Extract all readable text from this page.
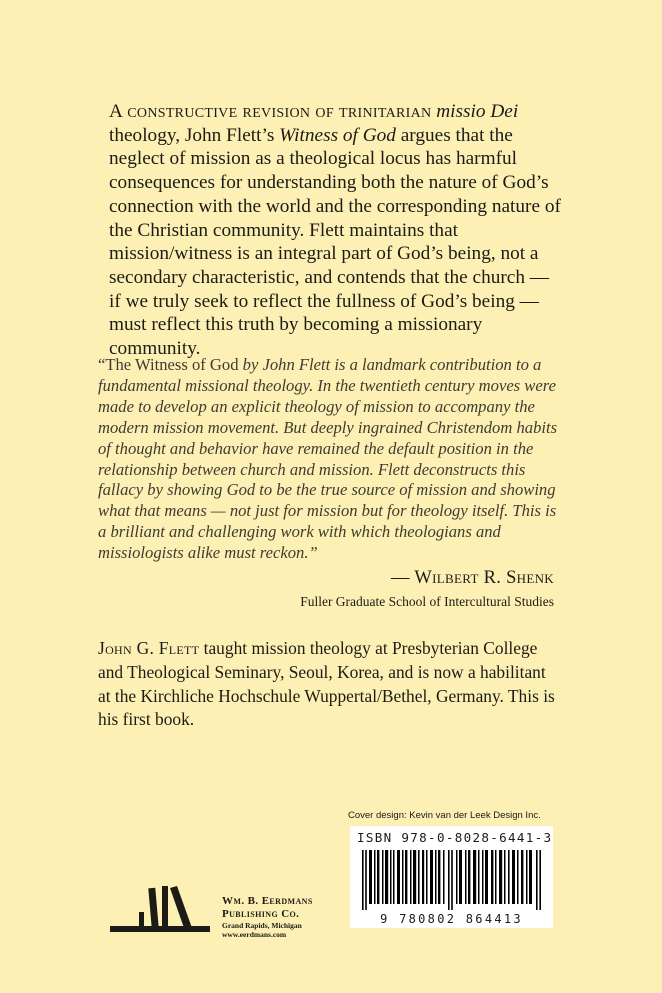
A constructive revision of trinitarian missio Dei theology, John Flett’s Witness of God argues that the neglect of mission as a theological locus has harmful consequences for understanding both the nature of God’s connection with the world and the corresponding nature of the Christian community. Flett maintains that mission/witness is an integral part of God’s being, not a secondary characteristic, and contends that the church — if we truly seek to reflect the fullness of God’s being — must reflect this truth by becoming a missionary community.

“The Witness of God by John Flett is a landmark contribution to a fundamental missional theology. In the twentieth century moves were made to develop an explicit theology of mission to accompany the modern mission movement. But deeply ingrained Christendom habits of thought and behavior have remained the default position in the relationship between church and mission. Flett deconstructs this fallacy by showing God to be the true source of mission and showing what that means — not just for mission but for theology itself. This is a brilliant and challenging work with which theologians and missiologists alike must reckon.”

— Wilbert R. Shenk

Fuller Graduate School of Intercultural Studies

John G. Flett taught mission theology at Presbyterian College and Theological Seminary, Seoul, Korea, and is now a habilitant at the Kirchliche Hochschule Wuppertal/Bethel, Germany. This is his first book.

Cover design: Kevin van der Leek Design Inc.

ISBN 978-0-8028-6441-3

9 780802 864413

Wm. B. Eerdmans
Publishing Co.
Grand Rapids, Michigan
www.eerdmans.com
